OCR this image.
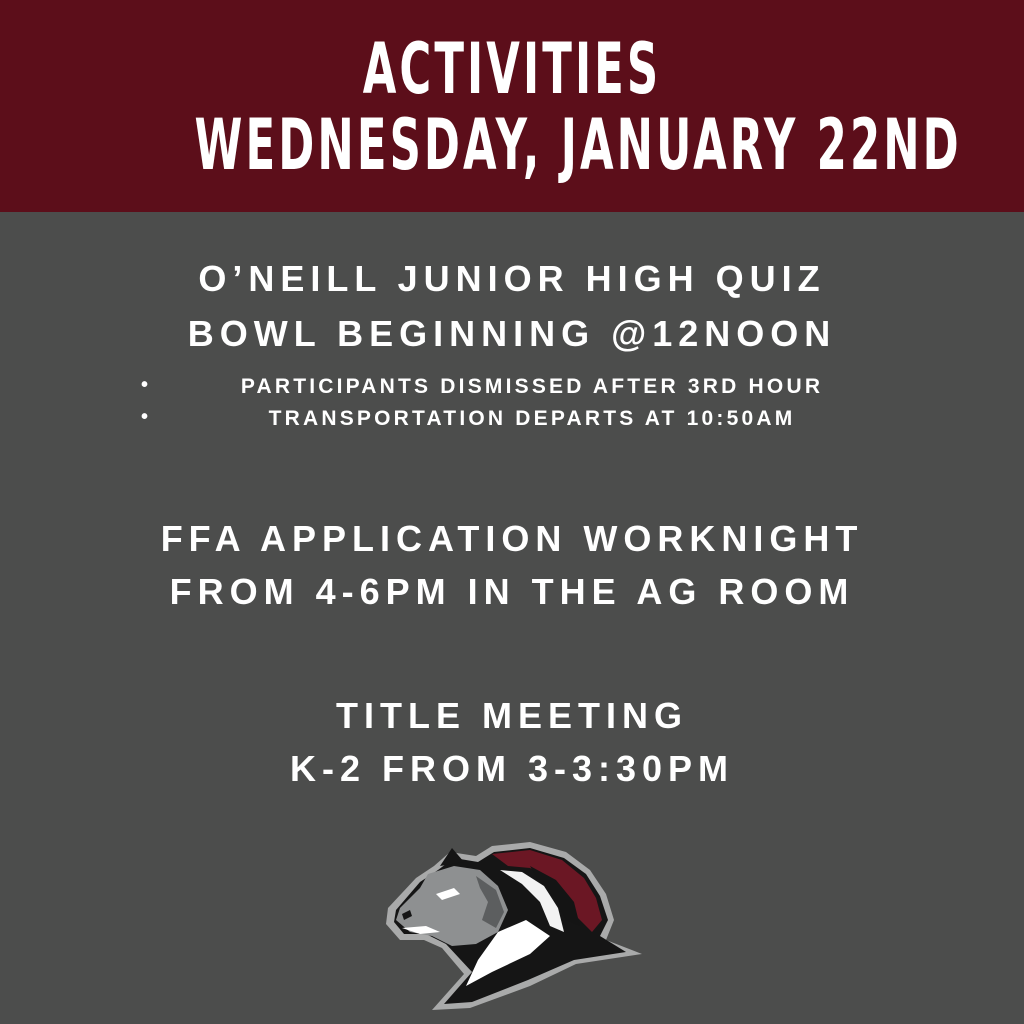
ACTIVITIES
WEDNESDAY, JANUARY 22ND
O’NEILL JUNIOR HIGH QUIZ
BOWL BEGINNING @12NOON
•	PARTICIPANTS DISMISSED AFTER 3RD HOUR
•	TRANSPORTATION DEPARTS AT 10:50AM
FFA APPLICATION WORKNIGHT
FROM 4-6PM IN THE AG ROOM
TITLE MEETING
K-2 FROM 3-3:30PM
